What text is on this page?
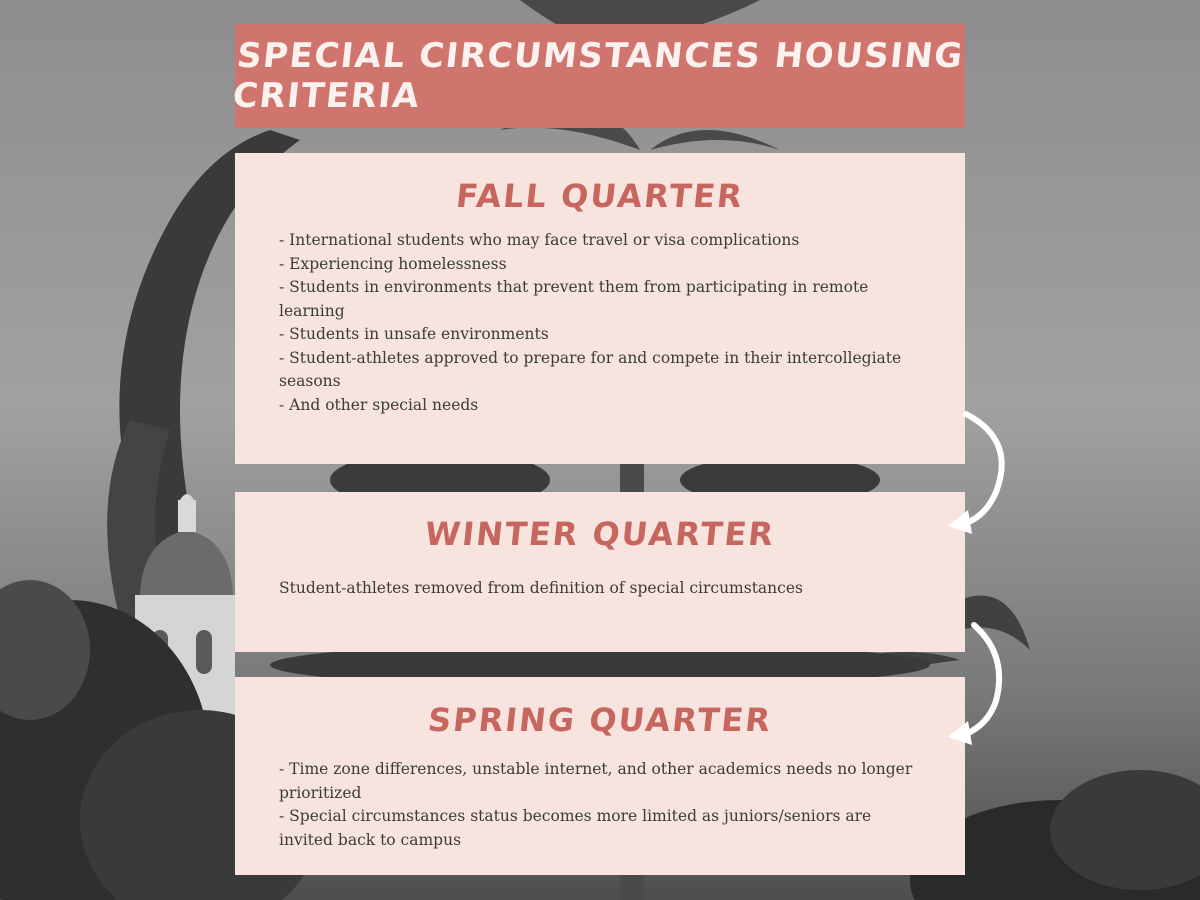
SPECIAL CIRCUMSTANCES HOUSING CRITERIA
FALL QUARTER
- International students who may face travel or visa complications
- Experiencing homelessness
- Students in environments that prevent them from participating in remote learning
- Students in unsafe environments
- Student-athletes approved to prepare for and compete in their intercollegiate seasons
- And other special needs
WINTER QUARTER
Student-athletes removed from definition of special circumstances
SPRING QUARTER
- Time zone differences, unstable internet, and other academics needs no longer prioritized
- Special circumstances status becomes more limited as juniors/seniors are invited back to campus
